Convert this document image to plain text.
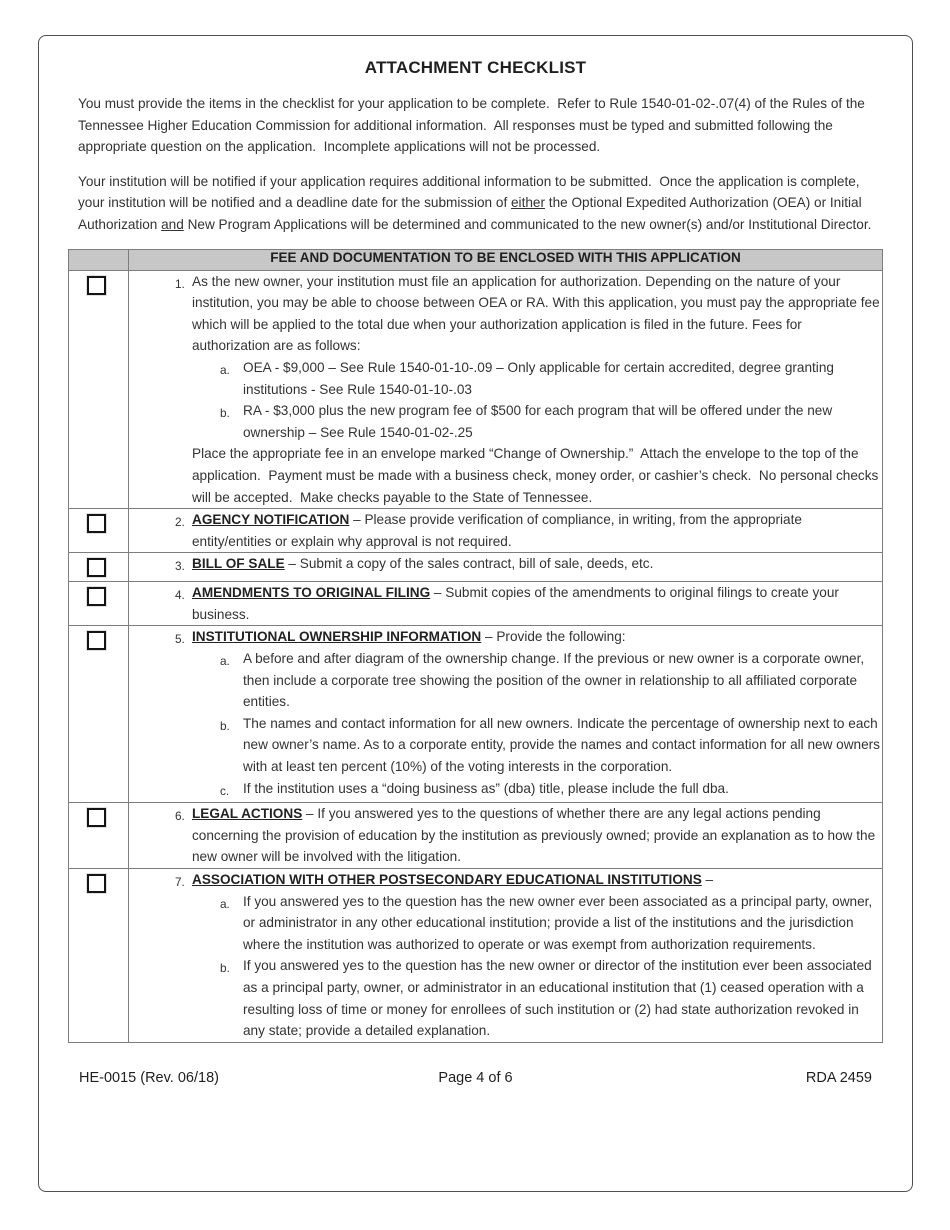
ATTACHMENT CHECKLIST

You must provide the items in the checklist for your application to be complete.  Refer to Rule 1540-01-02-.07(4) of the Rules of the Tennessee Higher Education Commission for additional information.  All responses must be typed and submitted following the appropriate question on the application.  Incomplete applications will not be processed.

Your institution will be notified if your application requires additional information to be submitted.  Once the application is complete, your institution will be notified and a deadline date for the submission of either the Optional Expedited Authorization (OEA) or Initial Authorization and New Program Applications will be determined and communicated to the new owner(s) and/or Institutional Director.

	FEE AND DOCUMENTATION TO BE ENCLOSED WITH THIS APPLICATION

1. As the new owner, your institution must file an application for authorization. Depending on the nature of your institution, you may be able to choose between OEA or RA. With this application, you must pay the appropriate fee which will be applied to the total due when your authorization application is filed in the future. Fees for authorization are as follows:
a. OEA - $9,000 – See Rule 1540-01-10-.09 – Only applicable for certain accredited, degree granting institutions - See Rule 1540-01-10-.03
b. RA - $3,000 plus the new program fee of $500 for each program that will be offered under the new ownership – See Rule 1540-01-02-.25
Place the appropriate fee in an envelope marked “Change of Ownership.”  Attach the envelope to the top of the application.  Payment must be made with a business check, money order, or cashier’s check.  No personal checks will be accepted.  Make checks payable to the State of Tennessee.

	2. AGENCY NOTIFICATION – Please provide verification of compliance, in writing, from the appropriate entity/entities or explain why approval is not required.

	3. BILL OF SALE – Submit a copy of the sales contract, bill of sale, deeds, etc.

	4. AMENDMENTS TO ORIGINAL FILING – Submit copies of the amendments to original filings to create your business.

5. INSTITUTIONAL OWNERSHIP INFORMATION – Provide the following:
a. A before and after diagram of the ownership change. If the previous or new owner is a corporate owner, then include a corporate tree showing the position of the owner in relationship to all affiliated corporate entities.
b. The names and contact information for all new owners. Indicate the percentage of ownership next to each new owner’s name. As to a corporate entity, provide the names and contact information for all new owners with at least ten percent (10%) of the voting interests in the corporation.
c.	If the institution uses a “doing business as” (dba) title, please include the full dba.

	6. LEGAL ACTIONS – If you answered yes to the questions of whether there are any legal actions pending concerning the provision of education by the institution as previously owned; provide an explanation as to how the new owner will be involved with the litigation.

7. ASSOCIATION WITH OTHER POSTSECONDARY EDUCATIONAL INSTITUTIONS –
a. If you answered yes to the question has the new owner ever been associated as a principal party, owner, or administrator in any other educational institution; provide a list of the institutions and the jurisdiction where the institution was authorized to operate or was exempt from authorization requirements.
b. If you answered yes to the question has the new owner or director of the institution ever been associated as a principal party, owner, or administrator in an educational institution that (1) ceased operation with a resulting loss of time or money for enrollees of such institution or (2) had state authorization revoked in any state; provide a detailed explanation.
HE-0015 (Rev. 06/18)	Page 4 of 6	RDA 2459
